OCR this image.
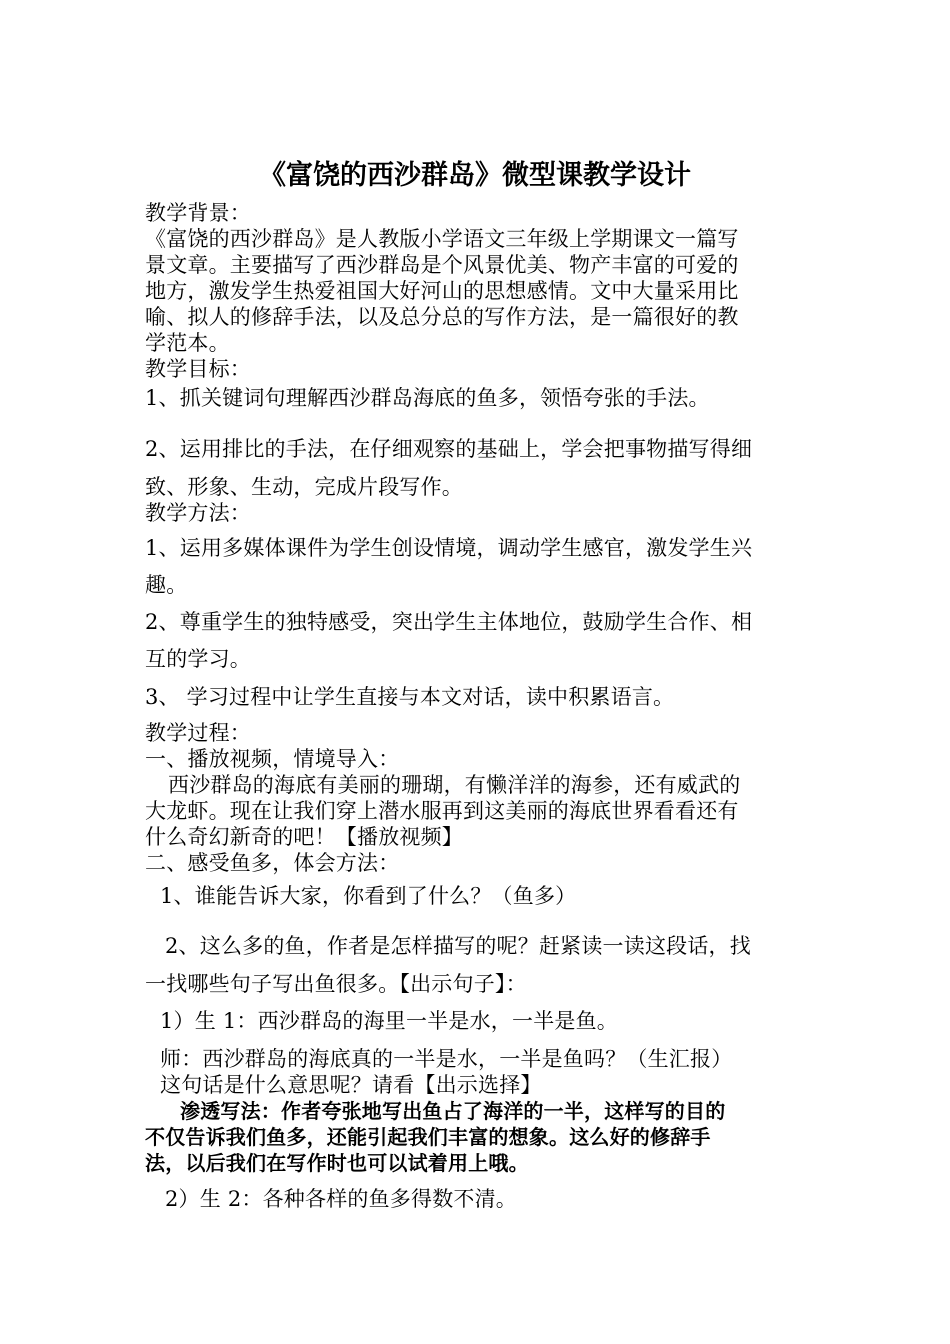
《富饶的西沙群岛》微型课教学设计

教学背景：

《富饶的西沙群岛》是人教版小学语文三年级上学期课文一篇写

景文章。主要描写了西沙群岛是个风景优美、物产丰富的可爱的

地方，激发学生热爱祖国大好河山的思想感情。文中大量采用比

喻、拟人的修辞手法，以及总分总的写作方法，是一篇很好的教

学范本。

教学目标：

1、抓关键词句理解西沙群岛海底的鱼多，领悟夸张的手法。

2、运用排比的手法，在仔细观察的基础上，学会把事物描写得细

致、形象、生动，完成片段写作。

教学方法：

1、运用多媒体课件为学生创设情境，调动学生感官，激发学生兴

趣。

2、尊重学生的独特感受，突出学生主体地位，鼓励学生合作、相

互的学习。

3、 学习过程中让学生直接与本文对话，读中积累语言。

教学过程：

一、播放视频，情境导入：

西沙群岛的海底有美丽的珊瑚，有懒洋洋的海参，还有威武的

大龙虾。现在让我们穿上潜水服再到这美丽的海底世界看看还有

什么奇幻新奇的吧！【播放视频】

二、感受鱼多，体会方法：

1、谁能告诉大家，你看到了什么？（鱼多）

2、这么多的鱼，作者是怎样描写的呢？赶紧读一读这段话，找

一找哪些句子写出鱼很多。【出示句子】：

1）生 1：西沙群岛的海里一半是水，一半是鱼。

师：西沙群岛的海底真的一半是水，一半是鱼吗？（生汇报）

这句话是什么意思呢？请看【出示选择】

渗透写法：作者夸张地写出鱼占了海洋的一半，这样写的目的

不仅告诉我们鱼多，还能引起我们丰富的想象。这么好的修辞手

法，以后我们在写作时也可以试着用上哦。

2）生 2：各种各样的鱼多得数不清。
